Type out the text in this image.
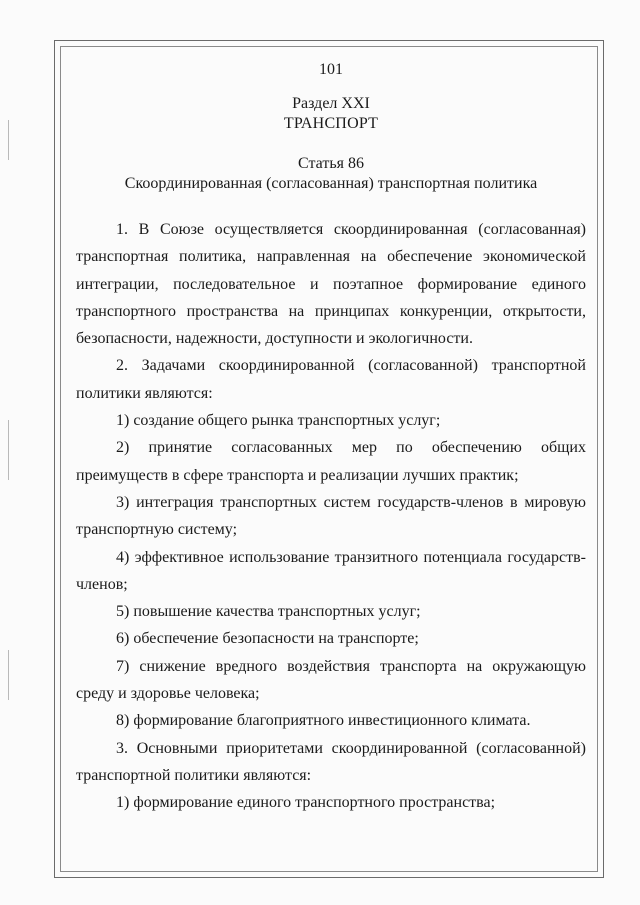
101

Раздел XXI

ТРАНСПОРТ

Статья 86

Скоординированная (согласованная) транспортная политика

1. В Союзе осуществляется скоординированная (согласованная) транспортная политика, направленная на обеспечение экономической интеграции, последовательное и поэтапное формирование единого транспортного пространства на принципах конкуренции, открытости, безопасности, надежности, доступности и экологичности.

2. Задачами скоординированной (согласованной) транспортной политики являются:

1) создание общего рынка транспортных услуг;

2) принятие согласованных мер по обеспечению общих преимуществ в сфере транспорта и реализации лучших практик;

3) интеграция транспортных систем государств-членов в мировую транспортную систему;

4) эффективное использование транзитного потенциала государств-членов;

5) повышение качества транспортных услуг;

6) обеспечение безопасности на транспорте;

7) снижение вредного воздействия транспорта на окружающую среду и здоровье человека;

8) формирование благоприятного инвестиционного климата.

3. Основными приоритетами скоординированной (согласованной) транспортной политики являются:

1) формирование единого транспортного пространства;
